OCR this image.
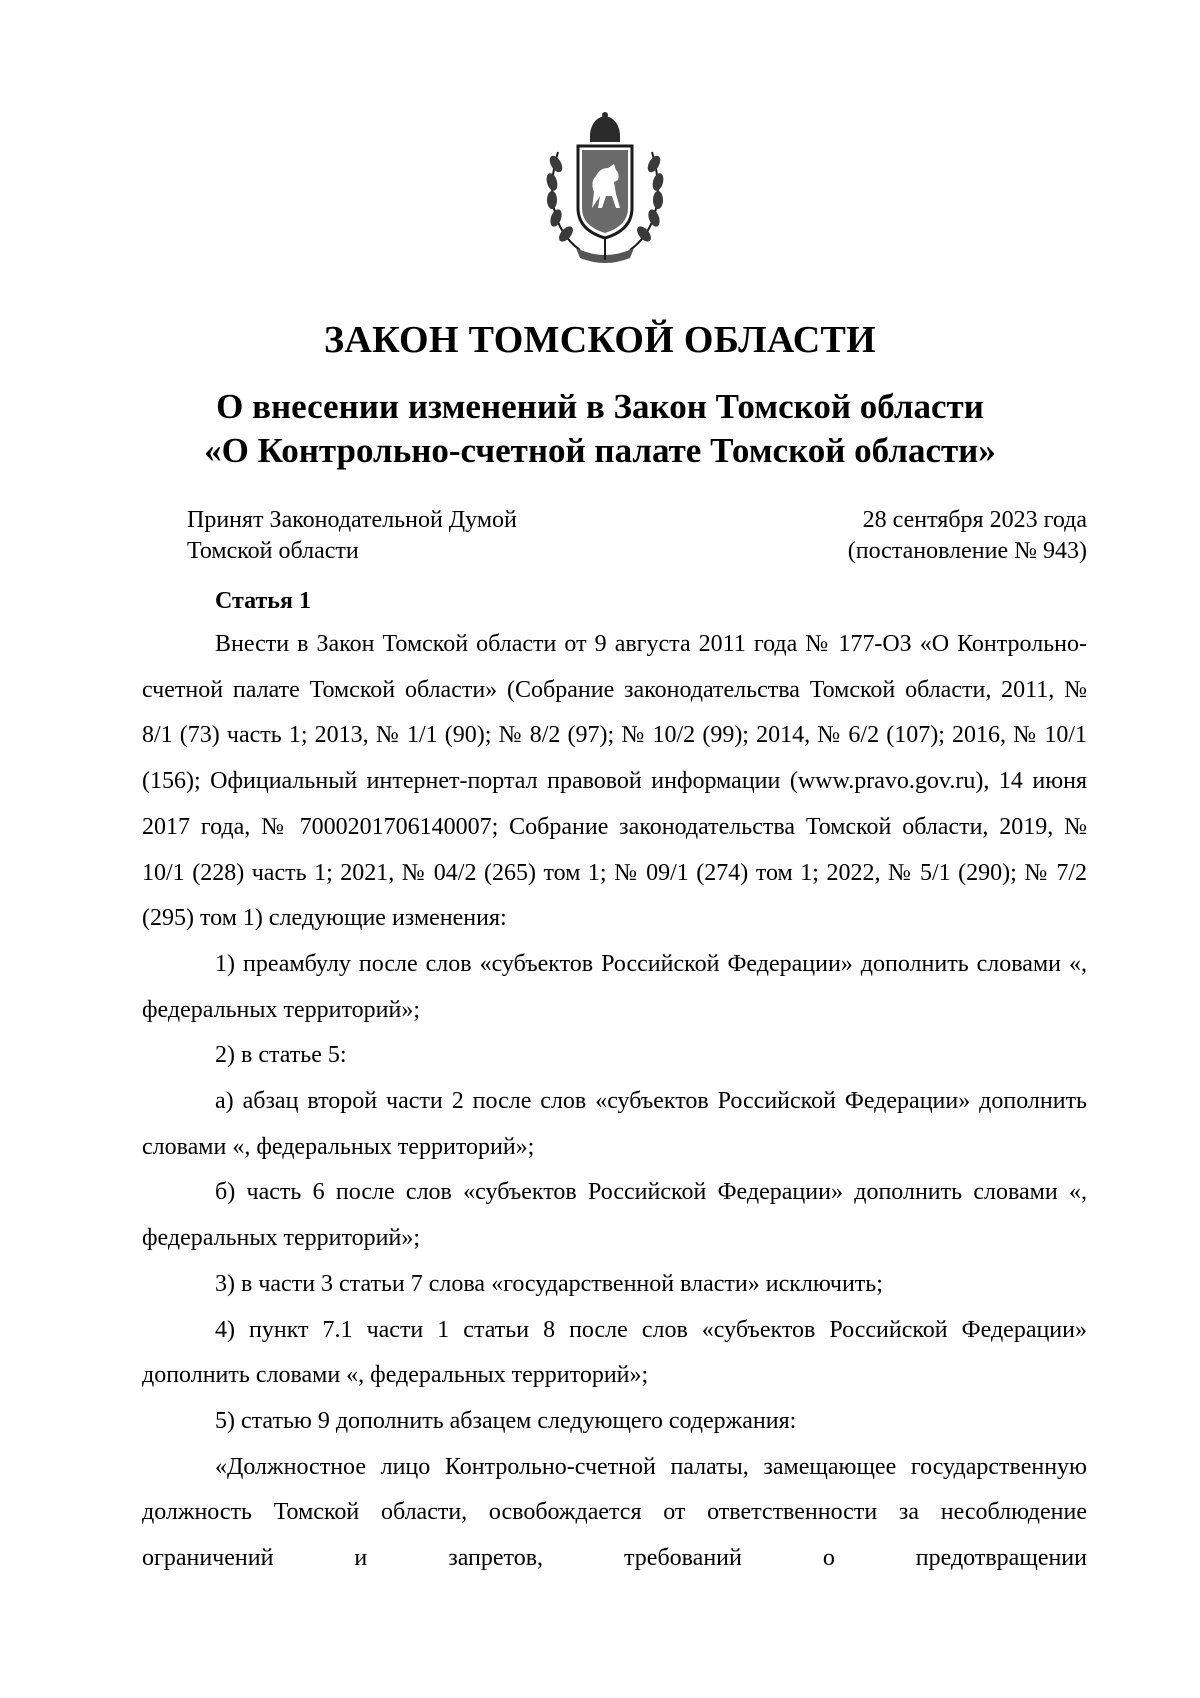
ЗАКОН ТОМСКОЙ ОБЛАСТИ
О внесении изменений в Закон Томской области
«О Контрольно-счетной палате Томской области»
Принят Законодательной Думой
Томской области
28 сентября 2023 года
(постановление № 943)
Статья 1

Внести в Закон Томской области от 9 августа 2011 года № 177-ОЗ «О Контрольно-счетной палате Томской области» (Собрание законодательства Томской области, 2011, № 8/1 (73) часть 1; 2013, № 1/1 (90); № 8/2 (97); № 10/2 (99); 2014, № 6/2 (107); 2016, № 10/1 (156); Официальный интернет-портал правовой информации (www.pravo.gov.ru), 14 июня 2017 года, № 7000201706140007; Собрание законодательства Томской области, 2019, № 10/1 (228) часть 1; 2021, № 04/2 (265) том 1; № 09/1 (274) том 1; 2022, № 5/1 (290); № 7/2 (295) том 1) следующие изменения:

1) преамбулу после слов «субъектов Российской Федерации» дополнить словами «, федеральных территорий»;

2) в статье 5:

а) абзац второй части 2 после слов «субъектов Российской Федерации» дополнить словами «, федеральных территорий»;

б) часть 6 после слов «субъектов Российской Федерации» дополнить словами «, федеральных территорий»;

3) в части 3 статьи 7 слова «государственной власти» исключить;

4) пункт 7.1 части 1 статьи 8 после слов «субъектов Российской Федерации» дополнить словами «, федеральных территорий»;

5) статью 9 дополнить абзацем следующего содержания:

«Должностное лицо Контрольно-счетной палаты, замещающее государственную должность Томской области, освобождается от ответственности за несоблюдение ограничений и запретов, требований о предотвращении
